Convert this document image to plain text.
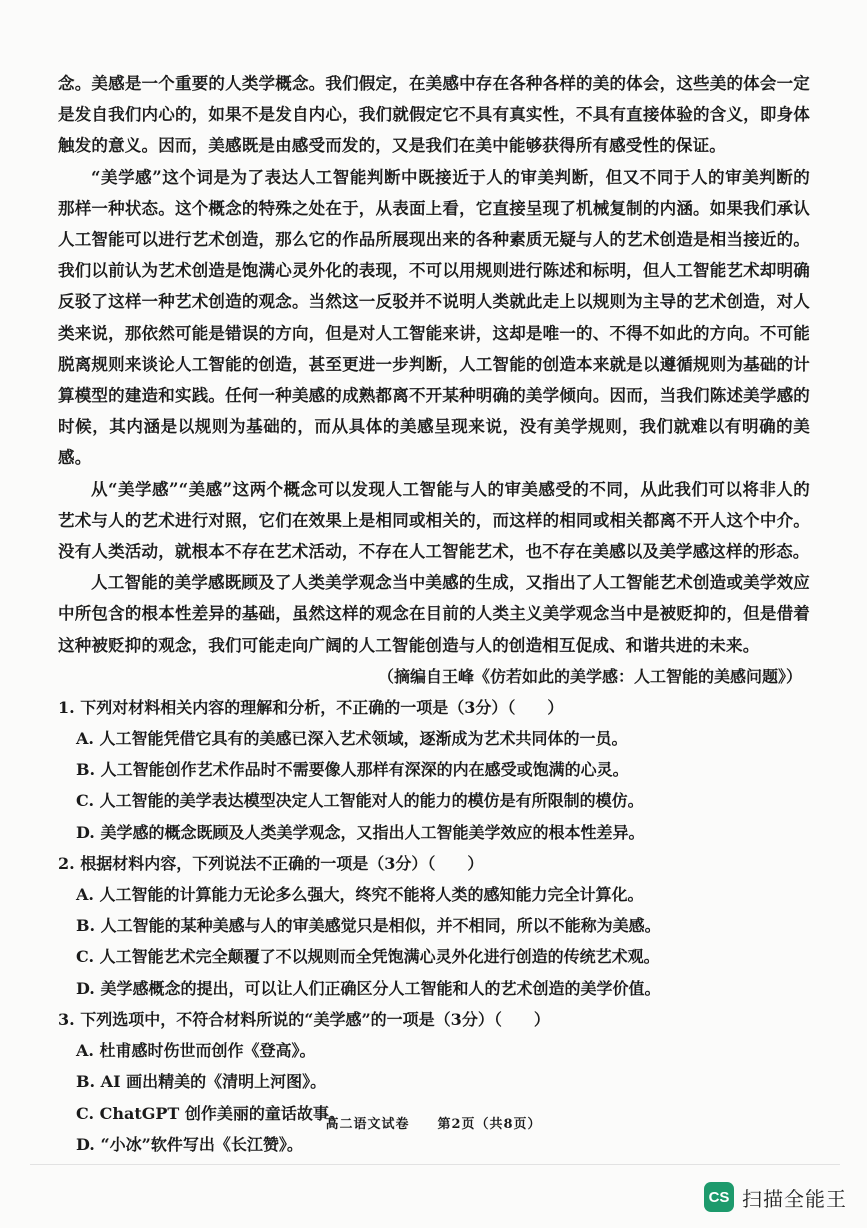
念。美感是一个重要的人类学概念。我们假定，在美感中存在各种各样的美的体会，这些美的体会一定是发自我们内心的，如果不是发自内心，我们就假定它不具有真实性，不具有直接体验的含义，即身体触发的意义。因而，美感既是由感受而发的，又是我们在美中能够获得所有感受性的保证。

“美学感”这个词是为了表达人工智能判断中既接近于人的审美判断，但又不同于人的审美判断的那样一种状态。这个概念的特殊之处在于，从表面上看，它直接呈现了机械复制的内涵。如果我们承认人工智能可以进行艺术创造，那么它的作品所展现出来的各种素质无疑与人的艺术创造是相当接近的。我们以前认为艺术创造是饱满心灵外化的表现，不可以用规则进行陈述和标明，但人工智能艺术却明确反驳了这样一种艺术创造的观念。当然这一反驳并不说明人类就此走上以规则为主导的艺术创造，对人类来说，那依然可能是错误的方向，但是对人工智能来讲，这却是唯一的、不得不如此的方向。不可能脱离规则来谈论人工智能的创造，甚至更进一步判断，人工智能的创造本来就是以遵循规则为基础的计算模型的建造和实践。任何一种美感的成熟都离不开某种明确的美学倾向。因而，当我们陈述美学感的时候，其内涵是以规则为基础的，而从具体的美感呈现来说，没有美学规则，我们就难以有明确的美感。

从“美学感”“美感”这两个概念可以发现人工智能与人的审美感受的不同，从此我们可以将非人的艺术与人的艺术进行对照，它们在效果上是相同或相关的，而这样的相同或相关都离不开人这个中介。没有人类活动，就根本不存在艺术活动，不存在人工智能艺术，也不存在美感以及美学感这样的形态。

人工智能的美学感既顾及了人类美学观念当中美感的生成，又指出了人工智能艺术创造或美学效应中所包含的根本性差异的基础，虽然这样的观念在目前的人类主义美学观念当中是被贬抑的，但是借着这种被贬抑的观念，我们可能走向广阔的人工智能创造与人的创造相互促成、和谐共进的未来。

（摘编自王峰《仿若如此的美学感：人工智能的美感问题》）

1. 下列对材料相关内容的理解和分析，不正确的一项是（3分）（　　）

A. 人工智能凭借它具有的美感已深入艺术领域，逐渐成为艺术共同体的一员。

B. 人工智能创作艺术作品时不需要像人那样有深深的内在感受或饱满的心灵。

C. 人工智能的美学表达模型决定人工智能对人的能力的模仿是有所限制的模仿。

D. 美学感的概念既顾及人类美学观念，又指出人工智能美学效应的根本性差异。

2. 根据材料内容，下列说法不正确的一项是（3分）（　　）

A. 人工智能的计算能力无论多么强大，终究不能将人类的感知能力完全计算化。

B. 人工智能的某种美感与人的审美感觉只是相似，并不相同，所以不能称为美感。

C. 人工智能艺术完全颠覆了不以规则而全凭饱满心灵外化进行创造的传统艺术观。

D. 美学感概念的提出，可以让人们正确区分人工智能和人的艺术创造的美学价值。

3. 下列选项中，不符合材料所说的“美学感”的一项是（3分）（　　）

A. 杜甫感时伤世而创作《登高》。

B. AI 画出精美的《清明上河图》。

C. ChatGPT 创作美丽的童话故事。

D. “小冰”软件写出《长江赞》。

高二语文试卷　　第2页（共8页）
CS 扫描全能王
